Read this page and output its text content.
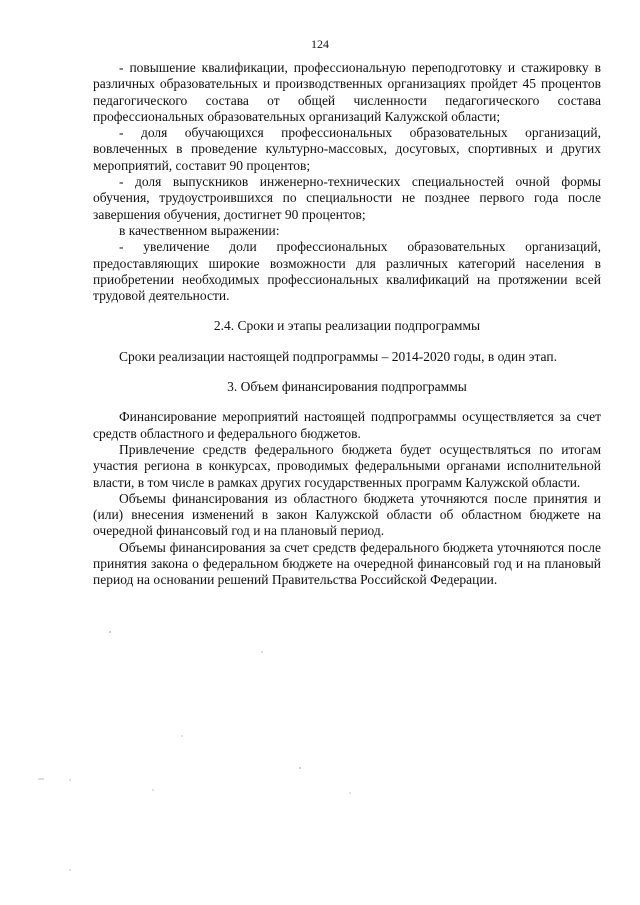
124

- повышение квалификации, профессиональную переподготовку и стажировку в различных образовательных и производственных организациях пройдет 45 процентов педагогического состава от общей численности педагогического состава профессиональных образовательных организаций Калужской области;

- доля обучающихся профессиональных образовательных организаций, вовлеченных в проведение культурно-массовых, досуговых, спортивных и других мероприятий, составит 90 процентов;

- доля выпускников инженерно-технических специальностей очной формы обучения, трудоустроившихся по специальности не позднее первого года после завершения обучения, достигнет 90 процентов;

в качественном выражении:

- увеличение доли профессиональных образовательных организаций, предоставляющих широкие возможности для различных категорий населения в приобретении необходимых профессиональных квалификаций на протяжении всей трудовой деятельности.

2.4. Сроки и этапы реализации подпрограммы

Сроки реализации настоящей подпрограммы – 2014-2020 годы, в один этап.

3. Объем финансирования подпрограммы

Финансирование мероприятий настоящей подпрограммы осуществляется за счет средств областного и федерального бюджетов.

Привлечение средств федерального бюджета будет осуществляться по итогам участия региона в конкурсах, проводимых федеральными органами исполнительной власти, в том числе в рамках других государственных программ Калужской области.

Объемы финансирования из областного бюджета уточняются после принятия и (или) внесения изменений в закон Калужской области об областном бюджете на очередной финансовый год и на плановый период.

Объемы финансирования за счет средств федерального бюджета уточняются после принятия закона о федеральном бюджете на очередной финансовый год и на плановый период на основании решений Правительства Российской Федерации.
